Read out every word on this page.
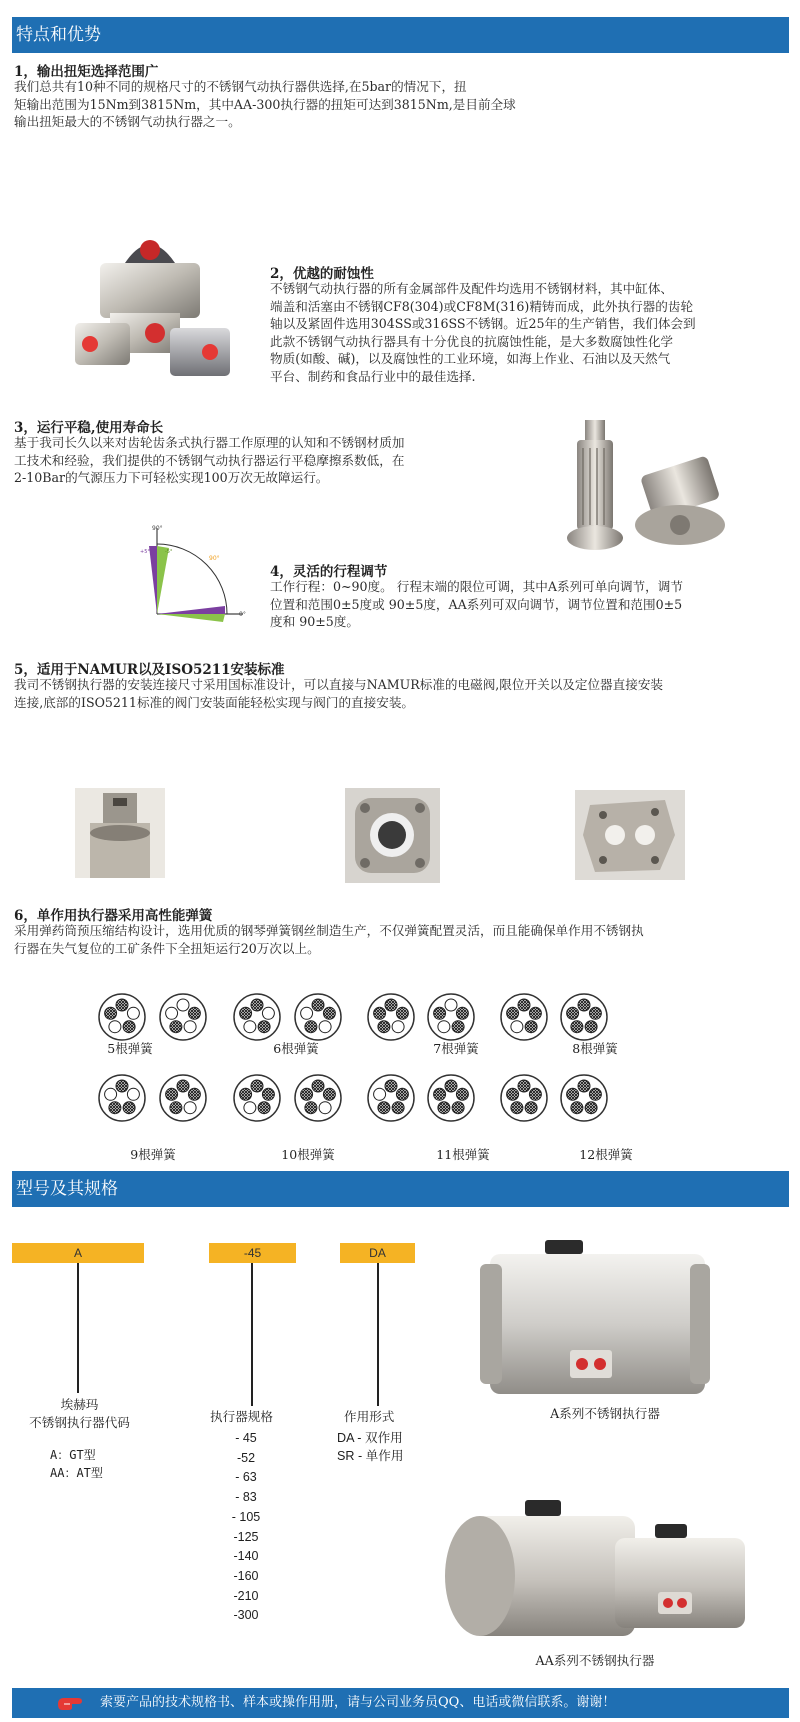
特点和优势
1，输出扭矩选择范围广
我们总共有10种不同的规格尺寸的不锈钢气动执行器供选择,在5bar的情况下，扭
矩输出范围为15Nm到3815Nm，其中AA-300执行器的扭矩可达到3815Nm,是目前全球
输出扭矩最大的不锈钢气动执行器之一。
2，优越的耐蚀性
不锈钢气动执行器的所有金属部件及配件均选用不锈钢材料，其中缸体、
端盖和活塞由不锈钢CF8(304)或CF8M(316)精铸而成，此外执行器的齿轮
轴以及紧固件选用304SS或316SS不锈钢。近25年的生产销售，我们体会到
此款不锈钢气动执行器具有十分优良的抗腐蚀性能，是大多数腐蚀性化学
物质(如酸、碱)，以及腐蚀性的工业环境，如海上作业、石油以及天然气
平台、制药和食品行业中的最佳选择.
3，运行平稳,使用寿命长
基于我司长久以来对齿轮齿条式执行器工作原理的认知和不锈钢材质加
工技术和经验，我们提供的不锈钢气动执行器运行平稳摩擦系数低，在
2-10Bar的气源压力下可轻松实现100万次无故障运行。
90°
0°
90°
+5°	-5°
4，灵活的行程调节
工作行程：0~90度。 行程末端的限位可调，其中A系列可单向调节，调节
位置和范围0±5度或 90±5度，AA系列可双向调节，调节位置和范围0±5
度和 90±5度。
5，适用于NAMUR以及ISO5211安装标准
我司不锈钢执行器的安装连接尺寸采用国标准设计，可以直接与NAMUR标准的电磁阀,限位开关以及定位器直接安装
连接,底部的ISO5211标准的阀门安装面能轻松实现与阀门的直接安装。
6，单作用执行器采用高性能弹簧
采用弹药筒预压缩结构设计，选用优质的钢琴弹簧钢丝制造生产，不仅弹簧配置灵活，而且能确保单作用不锈钢执
行器在失气复位的工矿条件下全扭矩运行20万次以上。
5根弹簧	6根弹簧	7根弹簧	8根弹簧
9根弹簧	10根弹簧	11根弹簧	12根弹簧
型号及其规格
A	-45	DA
埃赫玛
不锈钢执行器代码
A：GT型
AA：AT型
执行器规格
- 45
-52
- 63
- 83
- 105
-125
-140
-160
-210
-300
作用形式
DA - 双作用
SR - 单作用
A系列不锈钢执行器
AA系列不锈钢执行器
索要产品的技术规格书、样本或操作用册，请与公司业务员QQ、电话或微信联系。谢谢！
